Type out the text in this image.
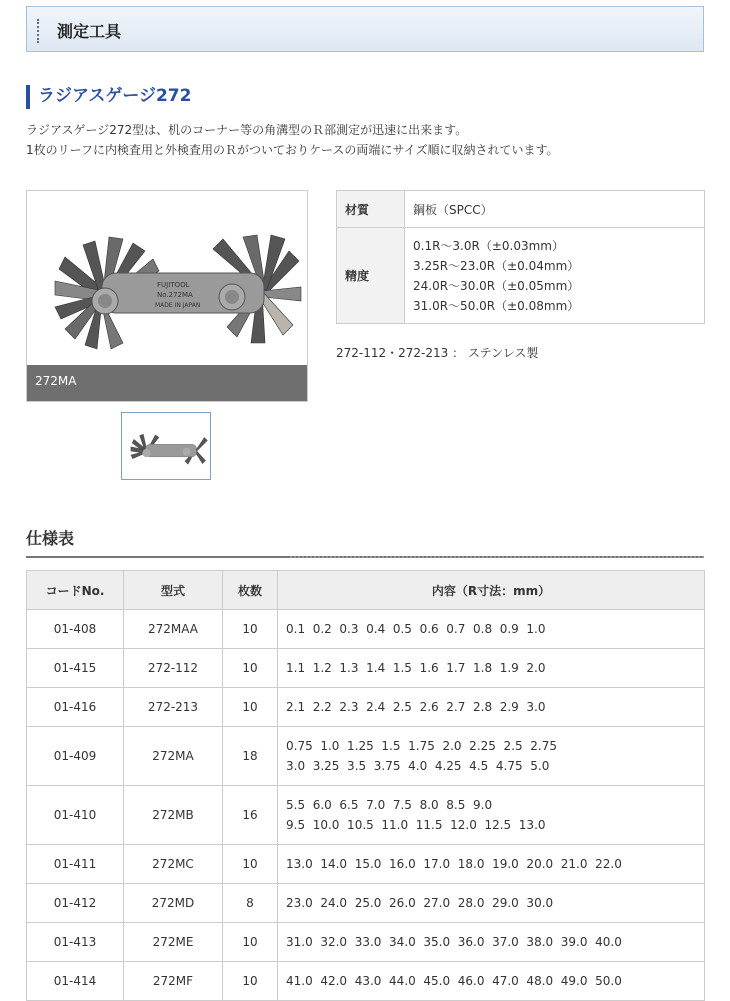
測定工具
ラジアスゲージ272
ラジアスゲージ272型は、机のコーナー等の角溝型のＲ部測定が迅速に出来ます。
1枚のリーフに内検査用と外検査用のＲがついておりケースの両端にサイズ順に収納されています。
FUJITOOL
No.272MA
MADE IN JAPAN
272MA
材質	鋼板（SPCC）
精度	0.1R～3.0R（±0.03mm）
3.25R～23.0R（±0.04mm）
24.0R～30.0R（±0.05mm）
31.0R～50.0R（±0.08mm）
272-112・272-213 ： ステンレス製
仕様表
コードNo.	型式	枚数	内容（R寸法：mm）
01-408	272MAA	10	0.1  0.2  0.3  0.4  0.5  0.6  0.7  0.8  0.9  1.0

01-415	272-112	10	1.1  1.2  1.3  1.4  1.5  1.6  1.7  1.8  1.9  2.0

01-416	272-213	10	2.1  2.2  2.3  2.4  2.5  2.6  2.7  2.8  2.9  3.0

01-409	272MA	18	0.75  1.0  1.25  1.5  1.75  2.0  2.25  2.5  2.75
3.0  3.25  3.5  3.75  4.0  4.25  4.5  4.75  5.0

01-410	272MB	16	5.5  6.0  6.5  7.0  7.5  8.0  8.5  9.0
9.5  10.0  10.5  11.0  11.5  12.0  12.5  13.0

01-411	272MC	10	13.0  14.0  15.0  16.0  17.0  18.0  19.0  20.0  21.0  22.0

01-412	272MD	8	23.0  24.0  25.0  26.0  27.0  28.0  29.0  30.0

01-413	272ME	10	31.0  32.0  33.0  34.0  35.0  36.0  37.0  38.0  39.0  40.0

01-414	272MF	10	41.0  42.0  43.0  44.0  45.0  46.0  47.0  48.0  49.0  50.0
